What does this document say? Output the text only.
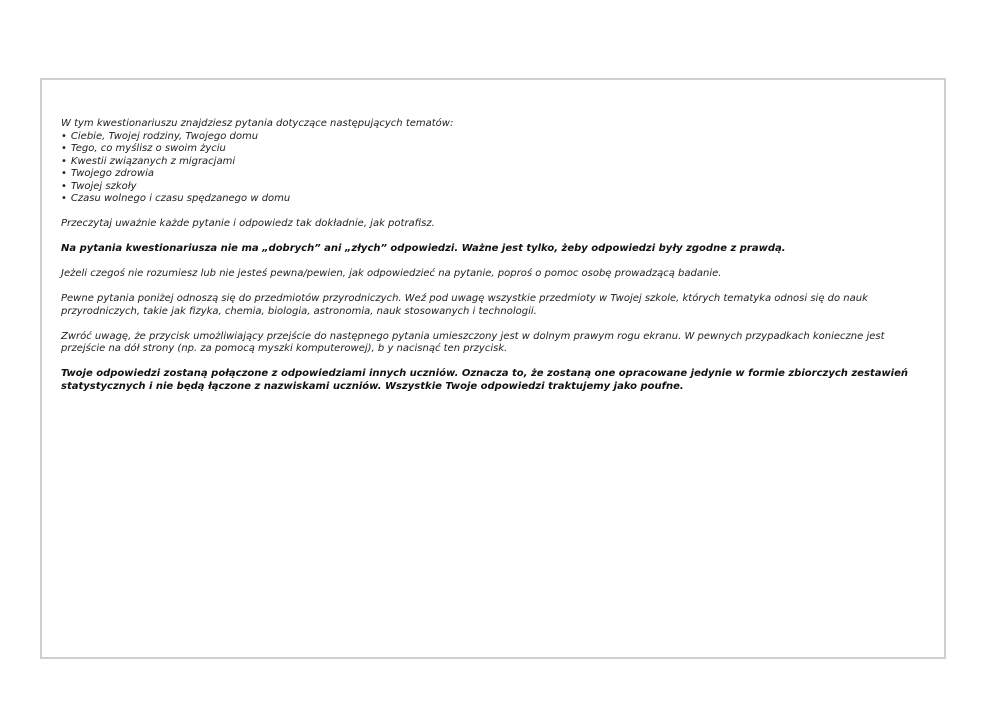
W tym kwestionariuszu znajdziesz pytania dotyczące następujących tematów:
• Ciebie, Twojej rodziny, Twojego domu
• Tego, co myślisz o swoim życiu
• Kwestii związanych z migracjami
• Twojego zdrowia
• Twojej szkoły
• Czasu wolnego i czasu spędzanego w domu

Przeczytaj uważnie każde pytanie i odpowiedz tak dokładnie, jak potrafisz.

Na pytania kwestionariusza nie ma „dobrych” ani „złych” odpowiedzi. Ważne jest tylko, żeby odpowiedzi były zgodne z prawdą.

Jeżeli czegoś nie rozumiesz lub nie jesteś pewna/pewien, jak odpowiedzieć na pytanie, poproś o pomoc osobę prowadzącą badanie.

Pewne pytania poniżej odnoszą się do przedmiotów przyrodniczych. Weź pod uwagę wszystkie przedmioty w Twojej szkole, których tematyka odnosi się do nauk przyrodniczych, takie jak fizyka, chemia, biologia, astronomia, nauk stosowanych i technologii.

Zwróć uwagę, że przycisk umożliwiający przejście do następnego pytania umieszczony jest w dolnym prawym rogu ekranu. W pewnych przypadkach konieczne jest przejście na dół strony (np. za pomocą myszki komputerowej), b y nacisnąć ten przycisk.

Twoje odpowiedzi zostaną połączone z odpowiedziami innych uczniów. Oznacza to, że zostaną one opracowane jedynie w formie zbiorczych zestawień statystycznych i nie będą łączone z nazwiskami uczniów. Wszystkie Twoje odpowiedzi traktujemy jako poufne.
